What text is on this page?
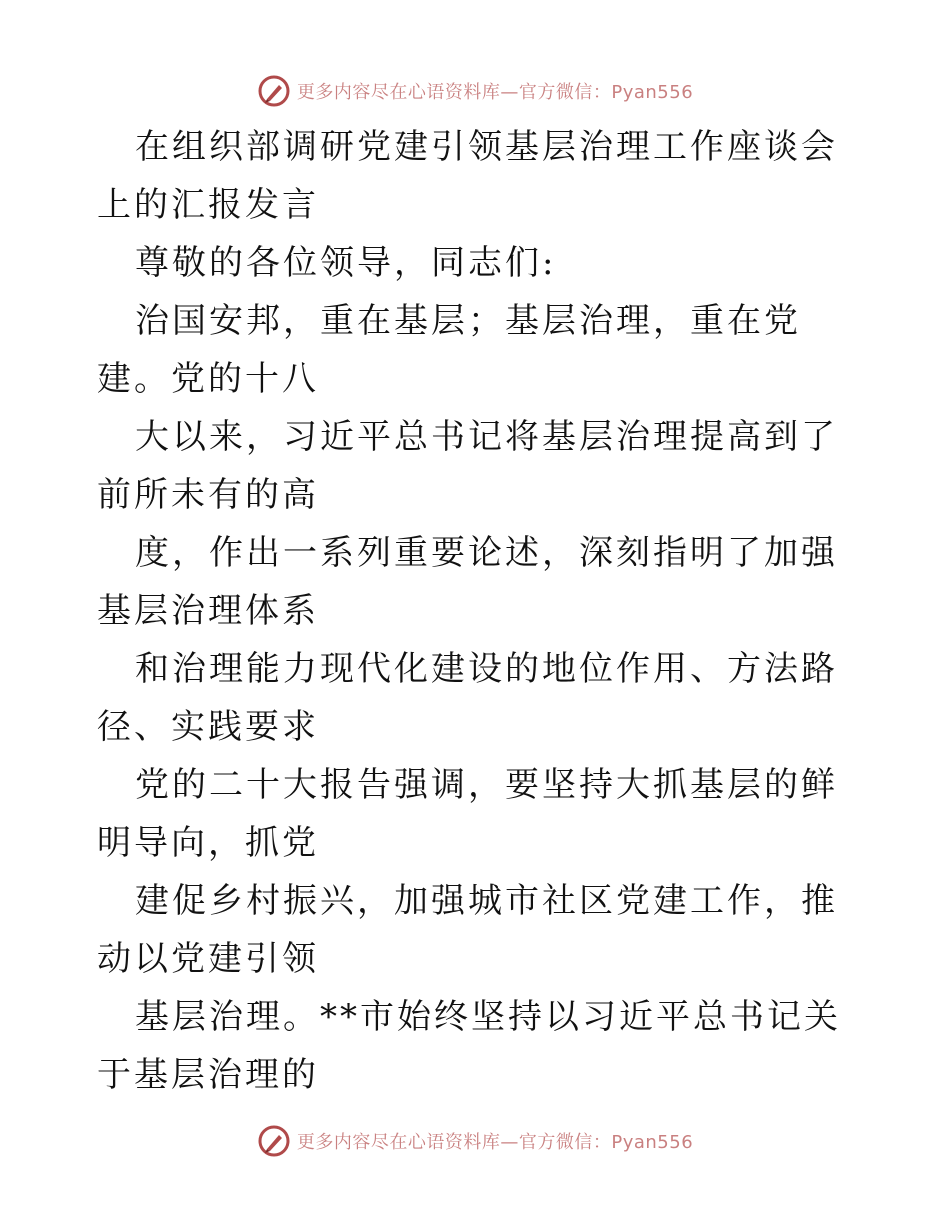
更多内容尽在心语资料库—官方微信：Pyan556

在组织部调研党建引领基层治理工作座谈会上的汇报发言

尊敬的各位领导，同志们:

治国安邦，重在基层；基层治理，重在党建。党的十八

大以来，习近平总书记将基层治理提高到了前所未有的高

度，作出一系列重要论述，深刻指明了加强基层治理体系

和治理能力现代化建设的地位作用、方法路径、实践要求

党的二十大报告强调，要坚持大抓基层的鲜明导向，抓党

建促乡村振兴，加强城市社区党建工作，推动以党建引领

基层治理。**市始终坚持以习近平总书记关于基层治理的

更多内容尽在心语资料库—官方微信：Pyan556
